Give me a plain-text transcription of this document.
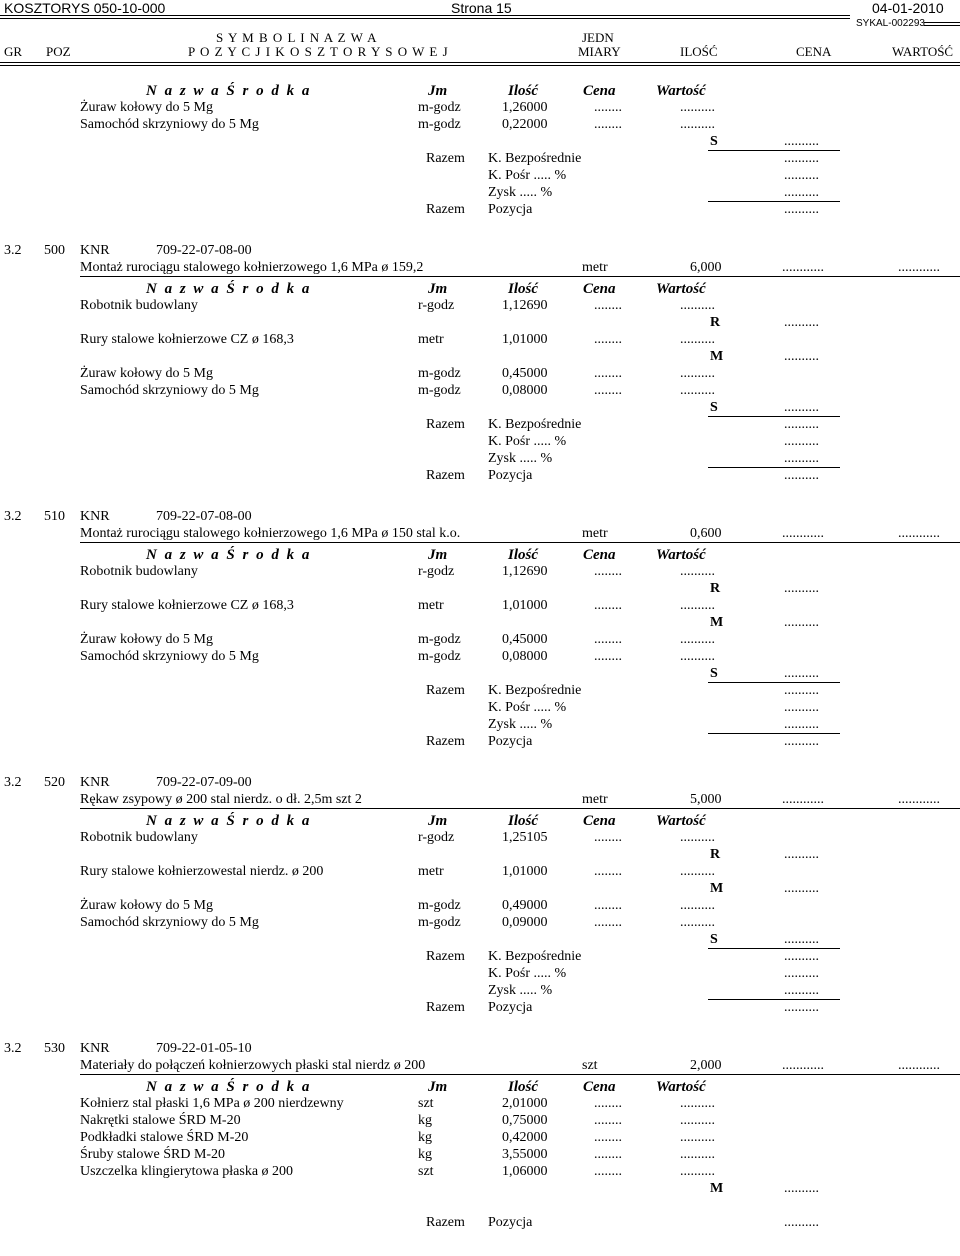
KOSZTORYS 050-10-000	Strona 15	04-01-2010
SYKAL-002293
S Y M B O L I N A Z W A
P O Z Y C J I K O S Z T O R Y S O W E J
GR POZ
JEDN
MIARY	ILOŚĆ	CENA	WARTOŚĆ
N a z w a Ś r o d k a	Jm	Ilość	Cena	Wartość
Żuraw kołowy do 5 Mg	m-godz	1,26000	........	..........
Samochód skrzyniowy do 5 Mg	m-godz	0,22000	........	..........
S	..........
Razem K. Bezpośrednie	..........
K. Pośr ..... %	..........
Zysk ..... %	..........
Razem Pozycja	..........
3.2 500 KNR	709-22-07-08-00
Montaż rurociągu stalowego kołnierzowego 1,6 MPa ø 159,2	metr	6,000	............	............
N a z w a Ś r o d k a	Jm	Ilość	Cena	Wartość
Robotnik budowlany	r-godz	1,12690	........	..........
R	..........
Rury stalowe kołnierzowe CZ ø 168,3	metr	1,01000	........	..........
M	..........
Żuraw kołowy do 5 Mg	m-godz	0,45000	........	..........
Samochód skrzyniowy do 5 Mg	m-godz	0,08000	........	..........
S	..........
Razem K. Bezpośrednie	..........
K. Pośr ..... %	..........
Zysk ..... %	..........
Razem Pozycja	..........
3.2 510 KNR	709-22-07-08-00
Montaż rurociągu stalowego kołnierzowego 1,6 MPa ø 150 stal k.o.	metr	0,600	............	............
N a z w a Ś r o d k a	Jm	Ilość	Cena	Wartość
Robotnik budowlany	r-godz	1,12690	........	..........
R	..........
Rury stalowe kołnierzowe CZ ø 168,3	metr	1,01000	........	..........
M	..........
Żuraw kołowy do 5 Mg	m-godz	0,45000	........	..........
Samochód skrzyniowy do 5 Mg	m-godz	0,08000	........	..........
S	..........
Razem K. Bezpośrednie	..........
K. Pośr ..... %	..........
Zysk ..... %	..........
Razem Pozycja	..........
3.2 520 KNR	709-22-07-09-00
Rękaw zsypowy ø 200 stal nierdz. o dł. 2,5m szt 2	metr	5,000	............	............
N a z w a Ś r o d k a	Jm	Ilość	Cena	Wartość
Robotnik budowlany	r-godz	1,25105	........	..........
R	..........
Rury stalowe kołnierzowestal nierdz. ø 200	metr	1,01000	........	..........
M	..........
Żuraw kołowy do 5 Mg	m-godz	0,49000	........	..........
Samochód skrzyniowy do 5 Mg	m-godz	0,09000	........	..........
S	..........
Razem K. Bezpośrednie	..........
K. Pośr ..... %	..........
Zysk ..... %	..........
Razem Pozycja	..........
3.2 530 KNR	709-22-01-05-10
Materiały do połączeń kołnierzowych płaski stal nierdz ø 200	szt	2,000	............	............
N a z w a Ś r o d k a	Jm	Ilość	Cena	Wartość
Kołnierz stal płaski 1,6 MPa ø 200 nierdzewny	szt	2,01000	........	..........
Nakrętki stalowe ŚRD M-20	kg	0,75000	........	..........
Podkładki stalowe ŚRD M-20	kg	0,42000	........	..........
Śruby stalowe ŚRD M-20	kg	3,55000	........	..........
Uszczelka klingierytowa płaska ø 200	szt	1,06000	........	..........
M	..........
Razem Pozycja	..........
